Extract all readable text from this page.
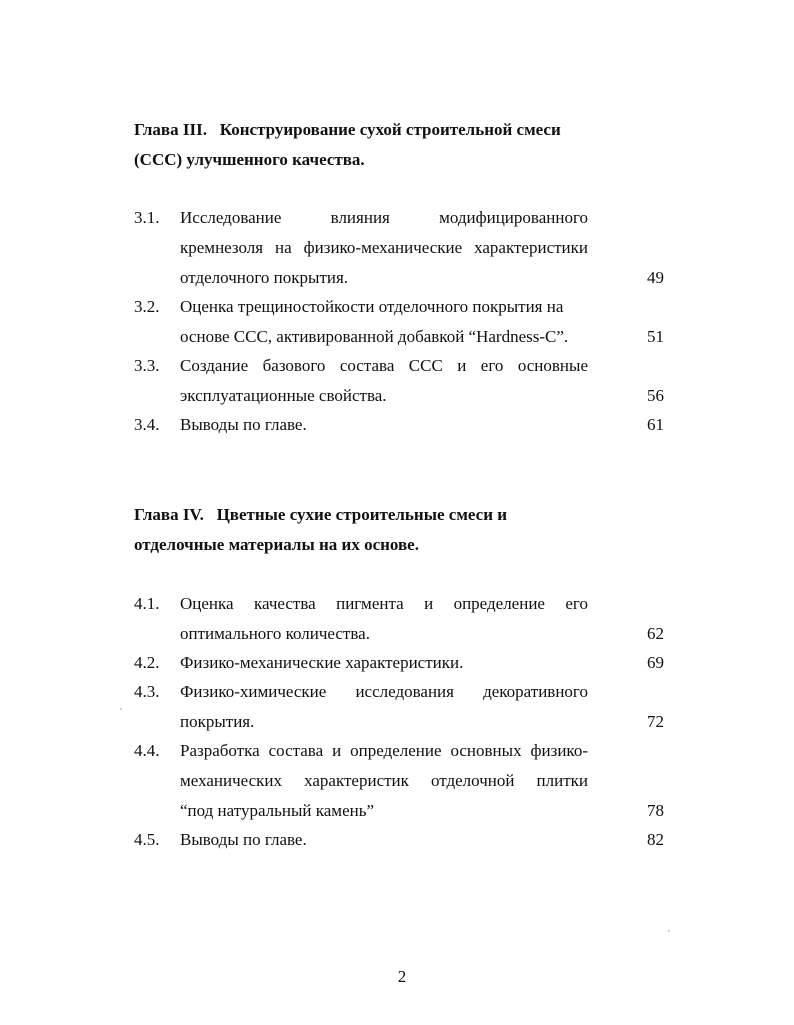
Глава III.   Конструирование сухой строительной смеси
(ССС) улучшенного качества.
3.1. Исследование влияния модифицированного
кремнезоля на физико-механические характеристики
отделочного покрытия.	49
3.2. Оценка трещиностойкости отделочного покрытия на
основе ССС, активированной добавкой “Hardness-C”.	51
3.3. Создание базового состава ССС и его основные
эксплуатационные свойства.	56
3.4. Выводы по главе.	61
Глава IV.   Цветные сухие строительные смеси и
отделочные материалы на их основе.
4.1. Оценка качества пигмента и определение его
оптимального количества.	62
4.2. Физико-механические характеристики.	69
4.3. Физико-химические исследования декоративного
покрытия.	72
4.4. Разработка состава и определение основных физико-
механических характеристик отделочной плитки
“под натуральный камень”	78
4.5. Выводы по главе.	82
2
